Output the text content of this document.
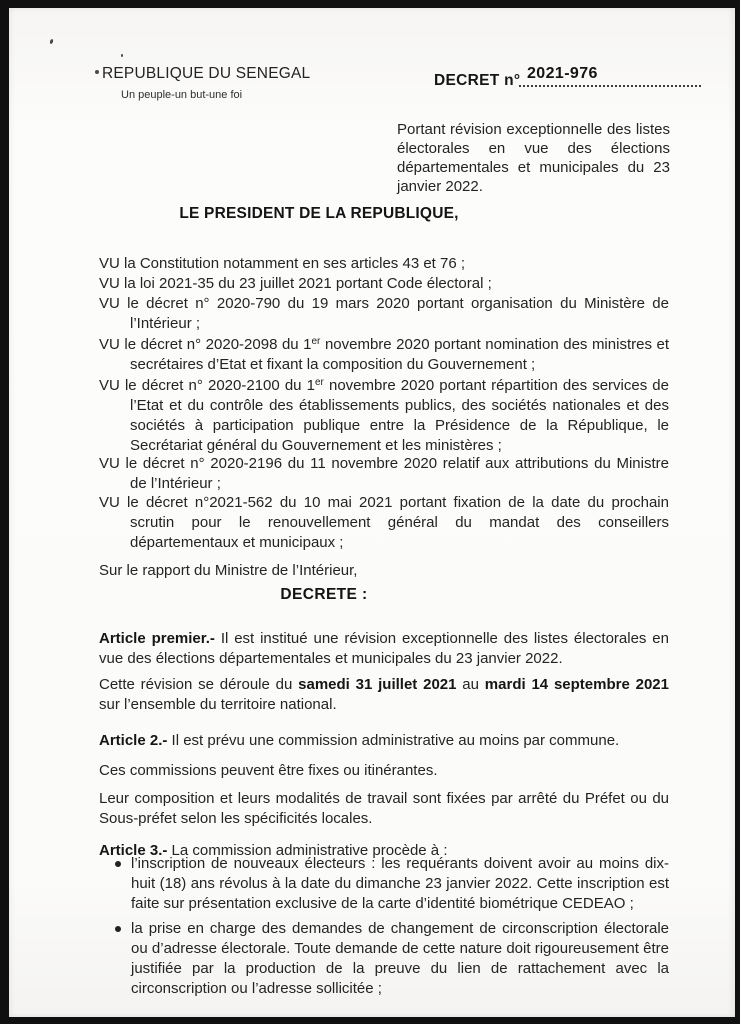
REPUBLIQUE DU SENEGAL
Un peuple-un but-une foi
DECRET n° 2021-976

Portant révision exceptionnelle des listes électorales en vue des élections départementales et municipales du 23 janvier 2022.

LE PRESIDENT DE LA REPUBLIQUE,

VU la Constitution notamment en ses articles 43 et 76 ;

VU la loi 2021-35 du 23 juillet 2021 portant Code électoral ;

VU le décret n° 2020-790 du 19 mars 2020 portant organisation du Ministère de l’Intérieur ;

VU le décret n° 2020-2098 du 1er novembre 2020 portant nomination des ministres et secrétaires d’Etat et fixant la composition du Gouvernement ;

VU le décret n° 2020-2100 du 1er novembre 2020 portant répartition des services de l’Etat et du contrôle des établissements publics, des sociétés nationales et des sociétés à participation publique entre la Présidence de la République, le Secrétariat général du Gouvernement et les ministères ;

VU le décret n° 2020-2196 du 11 novembre 2020 relatif aux attributions du Ministre de l’Intérieur ;

VU le décret n°2021-562 du 10 mai 2021 portant fixation de la date du prochain scrutin pour le renouvellement général du mandat des conseillers départementaux et municipaux ;

Sur le rapport du Ministre de l’Intérieur,

DECRETE :

Article premier.- Il est institué une révision exceptionnelle des listes électorales en vue des élections départementales et municipales du 23 janvier 2022.

Cette révision se déroule du samedi 31 juillet 2021 au mardi 14 septembre 2021 sur l’ensemble du territoire national.

Article 2.- Il est prévu une commission administrative au moins par commune.

Ces commissions peuvent être fixes ou itinérantes.

Leur composition et leurs modalités de travail sont fixées par arrêté du Préfet ou du Sous-préfet selon les spécificités locales.

Article 3.- La commission administrative procède à :

l’inscription de nouveaux électeurs : les requérants doivent avoir au moins dix-huit (18) ans révolus à la date du dimanche 23 janvier 2022. Cette inscription est faite sur présentation exclusive de la carte d’identité biométrique CEDEAO ;

la prise en charge des demandes de changement de circonscription électorale ou d’adresse électorale. Toute demande de cette nature doit rigoureusement être justifiée par la production de la preuve du lien de rattachement avec la circonscription ou l’adresse sollicitée ;
